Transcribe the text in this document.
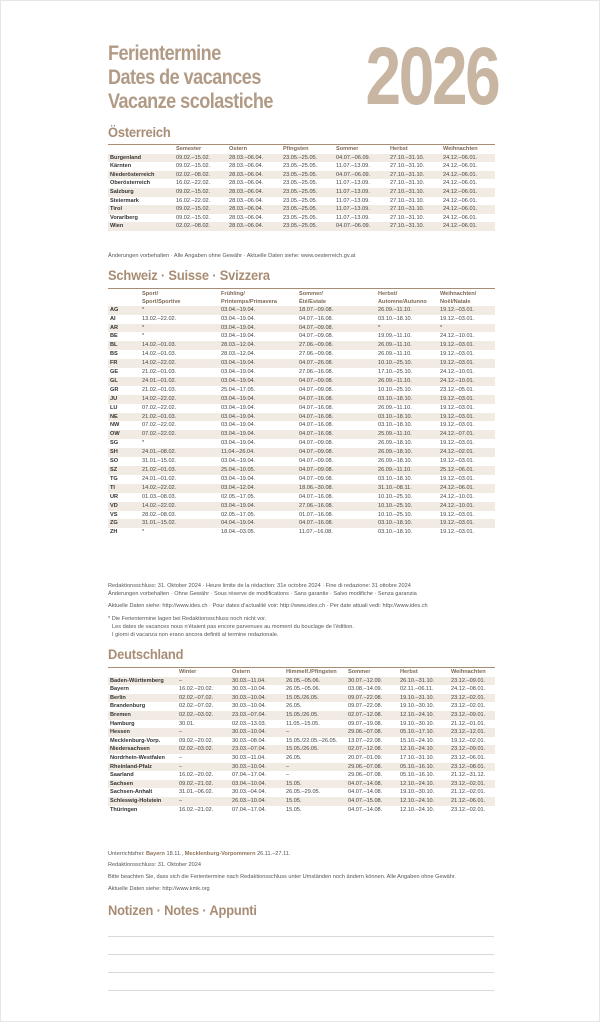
Ferientermine
Dates de vacances
Vacanze scolastiche 2026
Österreich
	Semester	Ostern	Pfingsten	Sommer	Herbst	Weihnachten
Burgenland	09.02.–15.02.	28.03.–06.04.	23.05.–25.05.	04.07.–06.09.	27.10.–31.10.	24.12.–06.01.
Kärnten	09.02.–15.02.	28.03.–06.04.	23.05.–25.05.	11.07.–13.09.	27.10.–31.10.	24.12.–06.01.
Niederösterreich	02.02.–08.02.	28.03.–06.04.	23.05.–25.05.	04.07.–06.09.	27.10.–31.10.	24.12.–06.01.
Oberösterreich	16.02.–22.02.	28.03.–06.04.	23.05.–25.05.	11.07.–13.09.	27.10.–31.10.	24.12.–06.01.
Salzburg	09.02.–15.02.	28.03.–06.04.	23.05.–25.05.	11.07.–13.09.	27.10.–31.10.	24.12.–06.01.
Steiermark	16.02.–22.02.	28.03.–06.04.	23.05.–25.05.	11.07.–13.09.	27.10.–31.10.	24.12.–06.01.
Tirol	09.02.–15.02.	28.03.–06.04.	23.05.–25.05.	11.07.–13.09.	27.10.–31.10.	24.12.–06.01.
Vorarlberg	09.02.–15.02.	28.03.–06.04.	23.05.–25.05.	11.07.–13.09.	27.10.–31.10.	24.12.–06.01.
Wien	02.02.–08.02.	28.03.–06.04.	23.05.–25.05.	04.07.–06.09.	27.10.–31.10.	24.12.–06.01.
Änderungen vorbehalten · Alle Angaben ohne Gewähr · Aktuelle Daten siehe: www.oesterreich.gv.at
Schweiz · Suisse · Svizzera
	Sport/	Frühling/	Sommer/	Herbst/	Weihnachten/
	Sport/Sportive	Printemps/Primavera	Été/Estate	Automne/Autunno	Noël/Natale
AG	*	03.04.–19.04.	18.07.–09.08.	26.09.–11.10.	19.12.–03.01.
AI	13.02.–22.02.	03.04.–19.04.	04.07.–16.08.	03.10.–18.10.	19.12.–03.01.
AR	*	03.04.–19.04.	04.07.–09.08.	*	*
BE	*	03.04.–19.04.	04.07.–09.08.	19.09.–11.10.	24.12.–10.01.
BL	14.02.–01.03.	28.03.–12.04.	27.06.–09.08.	26.09.–11.10.	19.12.–03.01.
BS	14.02.–01.03.	28.03.–12.04.	27.06.–09.08.	26.09.–11.10.	19.12.–03.01.
FR	14.02.–22.02.	03.04.–19.04.	04.07.–26.08.	10.10.–25.10.	19.12.–03.01.
GE	21.02.–01.03.	03.04.–19.04.	27.06.–16.08.	17.10.–25.10.	24.12.–10.01.
GL	24.01.–01.02.	03.04.–19.04.	04.07.–09.08.	26.09.–11.10.	24.12.–10.01.
GR	21.02.–01.03.	25.04.–17.05.	04.07.–09.08.	10.10.–25.10.	23.12.–05.01.
JU	14.02.–22.02.	03.04.–19.04.	04.07.–16.08.	03.10.–18.10.	19.12.–03.01.
LU	07.02.–22.02.	03.04.–19.04.	04.07.–16.08.	26.09.–11.10.	19.12.–03.01.
NE	21.02.–01.03.	03.04.–19.04.	04.07.–16.08.	03.10.–18.10.	19.12.–03.01.
NW	07.02.–22.02.	03.04.–19.04.	04.07.–16.08.	03.10.–18.10.	19.12.–03.01.
OW	07.02.–22.02.	03.04.–19.04.	04.07.–16.08.	25.09.–11.10.	24.12.–07.01.
SG	*	03.04.–19.04.	04.07.–09.08.	26.09.–18.10.	19.12.–03.01.
SH	24.01.–08.02.	11.04.–26.04.	04.07.–09.08.	26.09.–18.10.	24.12.–02.01.
SO	31.01.–15.02.	03.04.–19.04.	04.07.–09.08.	26.09.–18.10.	19.12.–03.01.
SZ	21.02.–01.03.	25.04.–10.05.	04.07.–09.08.	26.09.–11.10.	25.12.–06.01.
TG	24.01.–01.02.	03.04.–19.04.	04.07.–09.08.	03.10.–18.10.	19.12.–03.01.
TI	14.02.–22.02.	03.04.–12.04.	18.06.–30.08.	31.10.–08.11.	24.12.–06.01.
UR	01.03.–08.03.	02.05.–17.05.	04.07.–16.08.	10.10.–25.10.	24.12.–10.01.
VD	14.02.–22.02.	03.04.–19.04.	27.06.–16.08.	10.10.–25.10.	24.12.–10.01.
VS	28.02.–08.03.	02.05.–17.05.	01.07.–16.08.	10.10.–25.10.	19.12.–03.01.
ZG	31.01.–15.02.	04.04.–19.04.	04.07.–16.08.	03.10.–18.10.	19.12.–03.01.
ZH	*	18.04.–03.05.	11.07.–16.08.	03.10.–18.10.	19.12.–03.01.
Redaktionsschluss: 31. Oktober 2024 · Heure limite de la rédaction: 31e octobre 2024 · Fine di redazione: 31 ottobre 2024
Änderungen vorbehalten · Ohne Gewähr · Sous réserve de modifications · Sans garantie · Salvo modifiche · Senza garanzia
Aktuelle Daten siehe: http://www.ides.ch · Pour dates d’actualité voir: http://www.ides.ch · Per date attuali vedi: http://www.ides.ch
* Die Ferientermine lagen bei Redaktionsschluss noch nicht vor.
Les dates de vacances nous n’étaient pas encore parvenues au moment du bouclage de l’édition.
I giorni di vacanza non erano ancora definiti al termine redazionale.
Deutschland
	Winter	Ostern	Himmelf./Pfingsten	Sommer	Herbst	Weihnachten
Baden-Württemberg	–	30.03.–11.04.	26.05.–05.06.	30.07.–12.09.	26.10.–31.10.	23.12.–09.01.
Bayern	16.02.–20.02.	30.03.–10.04.	26.05.–05.06.	03.08.–14.09.	02.11.–06.11.	24.12.–08.01.
Berlin	02.02.–07.02.	30.03.–10.04.	15.05./26.05.	09.07.–22.08.	19.10.–31.10.	23.12.–02.01.
Brandenburg	02.02.–07.02.	30.03.–10.04.	26.05.	09.07.–22.08.	19.10.–30.10.	23.12.–02.01.
Bremen	02.02.–03.02.	23.03.–07.04.	15.05./26.05.	02.07.–12.08.	12.10.–24.10.	23.12.–09.01.
Hamburg	30.01.	02.03.–13.03.	11.05.–15.05.	09.07.–19.08.	19.10.–30.10.	21.12.–01.01.
Hessen	–	30.03.–10.04.	–	29.06.–07.08.	05.10.–17.10.	23.12.–12.01.
Mecklenburg-Vorp.	09.02.–20.02.	30.03.–08.04.	15.05./22.05.–26.05.	13.07.–22.08.	15.10.–24.10.	19.12.–02.01.
Niedersachsen	02.02.–03.02.	23.03.–07.04.	15.05./26.05.	02.07.–12.08.	12.10.–24.10.	23.12.–09.01.
Nordrhein-Westfalen	–	30.03.–11.04.	26.05.	20.07.–01.09.	17.10.–31.10.	23.12.–06.01.
Rheinland-Pfalz	–	30.03.–10.04.	–	29.06.–07.08.	05.10.–16.10.	23.12.–08.01.
Saarland	16.02.–20.02.	07.04.–17.04.	–	29.06.–07.08.	05.10.–16.10.	21.12.–31.12.
Sachsen	09.02.–21.02.	03.04.–10.04.	15.05.	04.07.–14.08.	12.10.–24.10.	23.12.–02.01.
Sachsen-Anhalt	31.01.–06.02.	30.03.–04.04.	26.05.–29.05.	04.07.–14.08.	19.10.–30.10.	21.12.–02.01.
Schleswig-Holstein	–	26.03.–10.04.	15.05.	04.07.–15.08.	12.10.–24.10.	21.12.–06.01.
Thüringen	16.02.–21.02.	07.04.–17.04.	15.05.	04.07.–14.08.	12.10.–24.10.	23.12.–02.01.
Unterrichtsfrei: Bayern 18.11., Mecklenburg-Vorpommern 26.11.–27.11.
Redaktionsschluss: 31. Oktober 2024
Bitte beachten Sie, dass sich die Ferientermine nach Redaktionsschluss unter Umständen noch ändern können. Alle Angaben ohne Gewähr.
Aktuelle Daten siehe: http://www.kmk.org
Notizen · Notes · Appunti
